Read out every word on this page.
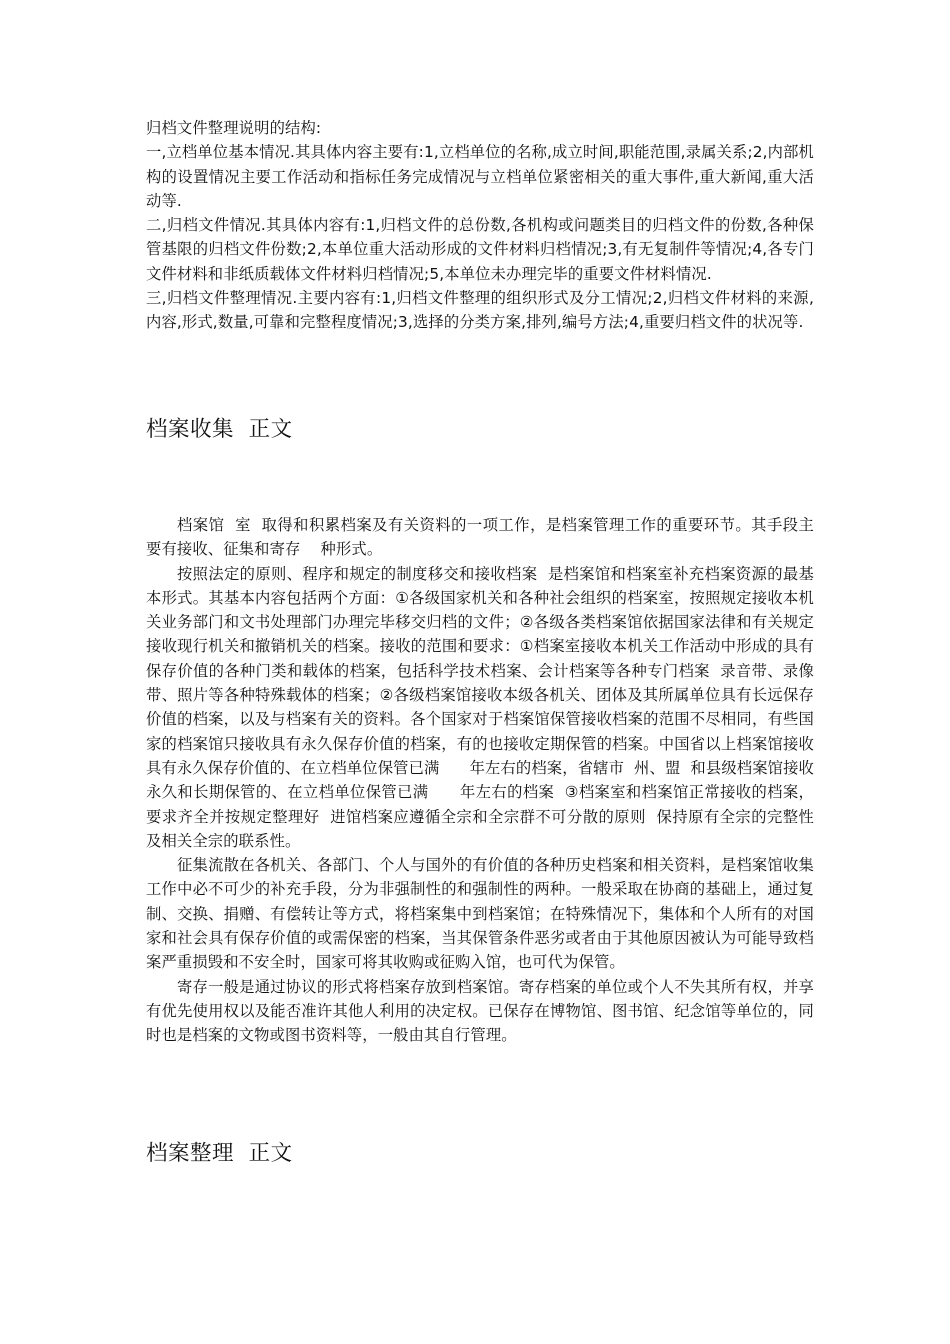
归档文件整理说明的结构:

一,立档单位基本情况.其具体内容主要有:1,立档单位的名称,成立时间,职能范围,录属关系;2,内部机构的设置情况主要工作活动和指标任务完成情况与立档单位紧密相关的重大事件,重大新闻,重大活动等.

二,归档文件情况.其具体内容有:1,归档文件的总份数,各机构或问题类目的归档文件的份数,各种保管基限的归档文件份数;2,本单位重大活动形成的文件材料归档情况;3,有无复制件等情况;4,各专门文件材料和非纸质载体文件材料归档情况;5,本单位未办理完毕的重要文件材料情况.

三,归档文件整理情况.主要内容有:1,归档文件整理的组织形式及分工情况;2,归档文件材料的来源,内容,形式,数量,可靠和完整程度情况;3,选择的分类方案,排列,编号方法;4,重要归档文件的状况等.

档案收集  正文

档案馆  室  取得和积累档案及有关资料的一项工作，是档案管理工作的重要环节。其手段主要有接收、征集和寄存    种形式。

按照法定的原则、程序和规定的制度移交和接收档案  是档案馆和档案室补充档案资源的最基本形式。其基本内容包括两个方面：①各级国家机关和各种社会组织的档案室，按照规定接收本机关业务部门和文书处理部门办理完毕移交归档的文件；②各级各类档案馆依据国家法律和有关规定接收现行机关和撤销机关的档案。接收的范围和要求：①档案室接收本机关工作活动中形成的具有保存价值的各种门类和载体的档案，包括科学技术档案、会计档案等各种专门档案  录音带、录像带、照片等各种特殊载体的档案；②各级档案馆接收本级各机关、团体及其所属单位具有长远保存价值的档案，以及与档案有关的资料。各个国家对于档案馆保管接收档案的范围不尽相同，有些国家的档案馆只接收具有永久保存价值的档案，有的也接收定期保管的档案。中国省以上档案馆接收具有永久保存价值的、在立档单位保管已满      年左右的档案，省辖市  州、盟  和县级档案馆接收永久和长期保管的、在立档单位保管已满      年左右的档案  ③档案室和档案馆正常接收的档案，要求齐全并按规定整理好  进馆档案应遵循全宗和全宗群不可分散的原则  保持原有全宗的完整性及相关全宗的联系性。

征集流散在各机关、各部门、个人与国外的有价值的各种历史档案和相关资料，是档案馆收集工作中必不可少的补充手段，分为非强制性的和强制性的两种。一般采取在协商的基础上，通过复制、交换、捐赠、有偿转让等方式，将档案集中到档案馆；在特殊情况下，集体和个人所有的对国家和社会具有保存价值的或需保密的档案，当其保管条件恶劣或者由于其他原因被认为可能导致档案严重损毁和不安全时，国家可将其收购或征购入馆，也可代为保管。

寄存一般是通过协议的形式将档案存放到档案馆。寄存档案的单位或个人不失其所有权，并享有优先使用权以及能否准许其他人利用的决定权。已保存在博物馆、图书馆、纪念馆等单位的，同时也是档案的文物或图书资料等，一般由其自行管理。

档案整理  正文
